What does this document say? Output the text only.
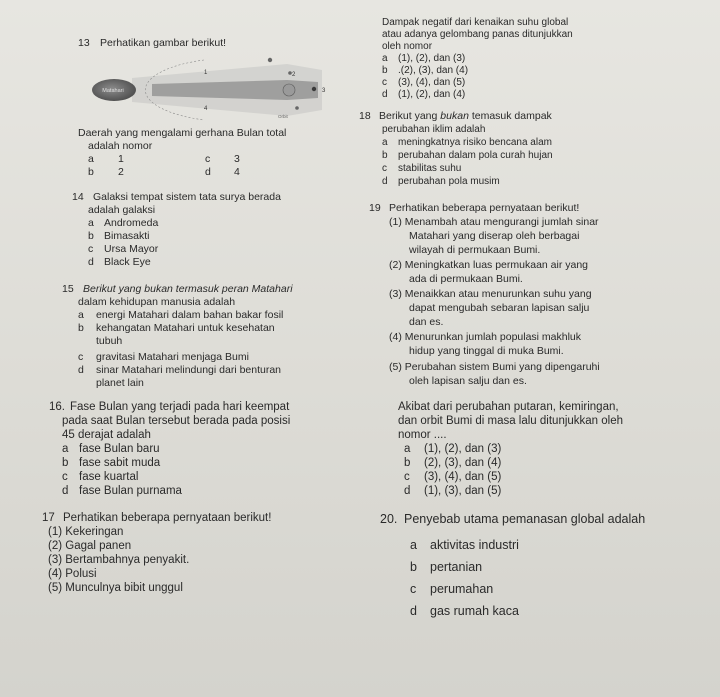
13 Perhatikan gambar berikut!
Matahari
1	2
3
4
Orbit
Daerah yang mengalami gerhana Bulan total
adalah nomor
a 1
b 2
c 3
d 4
14 Galaksi tempat sistem tata surya berada
adalah galaksi
a Andromeda
b Bimasakti
c Ursa Mayor
d Black Eye
15 Berikut yang bukan termasuk peran Matahari
dalam kehidupan manusia adalah
a energi Matahari dalam bahan bakar fosil
b kehangatan Matahari untuk kesehatan
tubuh
c gravitasi Matahari menjaga Bumi
d sinar Matahari melindungi dari benturan
planet lain
16. Fase Bulan yang terjadi pada hari keempat
pada saat Bulan tersebut berada pada posisi
45 derajat adalah
a fase Bulan baru
b fase sabit muda
c fase kuartal
d fase Bulan purnama
17 Perhatikan beberapa pernyataan berikut!
(1) Kekeringan
(2) Gagal panen
(3) Bertambahnya penyakit.
(4) Polusi
(5) Munculnya bibit unggul
Dampak negatif dari kenaikan suhu global
atau adanya gelombang panas ditunjukkan
oleh nomor
a (1), (2), dan (3)
b .(2), (3), dan (4)
c (3), (4), dan (5)
d (1), (2), dan (4)
18 Berikut yang bukan temasuk dampak
perubahan iklim adalah
a meningkatnya risiko bencana alam
b perubahan dalam pola curah hujan
c stabilitas suhu
d perubahan pola musim
19 Perhatikan beberapa pernyataan berikut!
(1) Menambah atau mengurangi jumlah sinar
Matahari yang diserap oleh berbagai
wilayah di permukaan Bumi.
(2) Meningkatkan luas permukaan air yang
ada di permukaan Bumi.
(3) Menaikkan atau menurunkan suhu yang
dapat mengubah sebaran lapisan salju
dan es.
(4) Menurunkan jumlah populasi makhluk
hidup yang tinggal di muka Bumi.
(5) Perubahan sistem Bumi yang dipengaruhi
oleh lapisan salju dan es.
Akibat dari perubahan putaran, kemiringan,
dan orbit Bumi di masa lalu ditunjukkan oleh
nomor ....
a (1), (2), dan (3)
b (2), (3), dan (4)
c (3), (4), dan (5)
d (1), (3), dan (5)
20. Penyebab utama pemanasan global adalah
a aktivitas industri
b pertanian
c perumahan
d gas rumah kaca
